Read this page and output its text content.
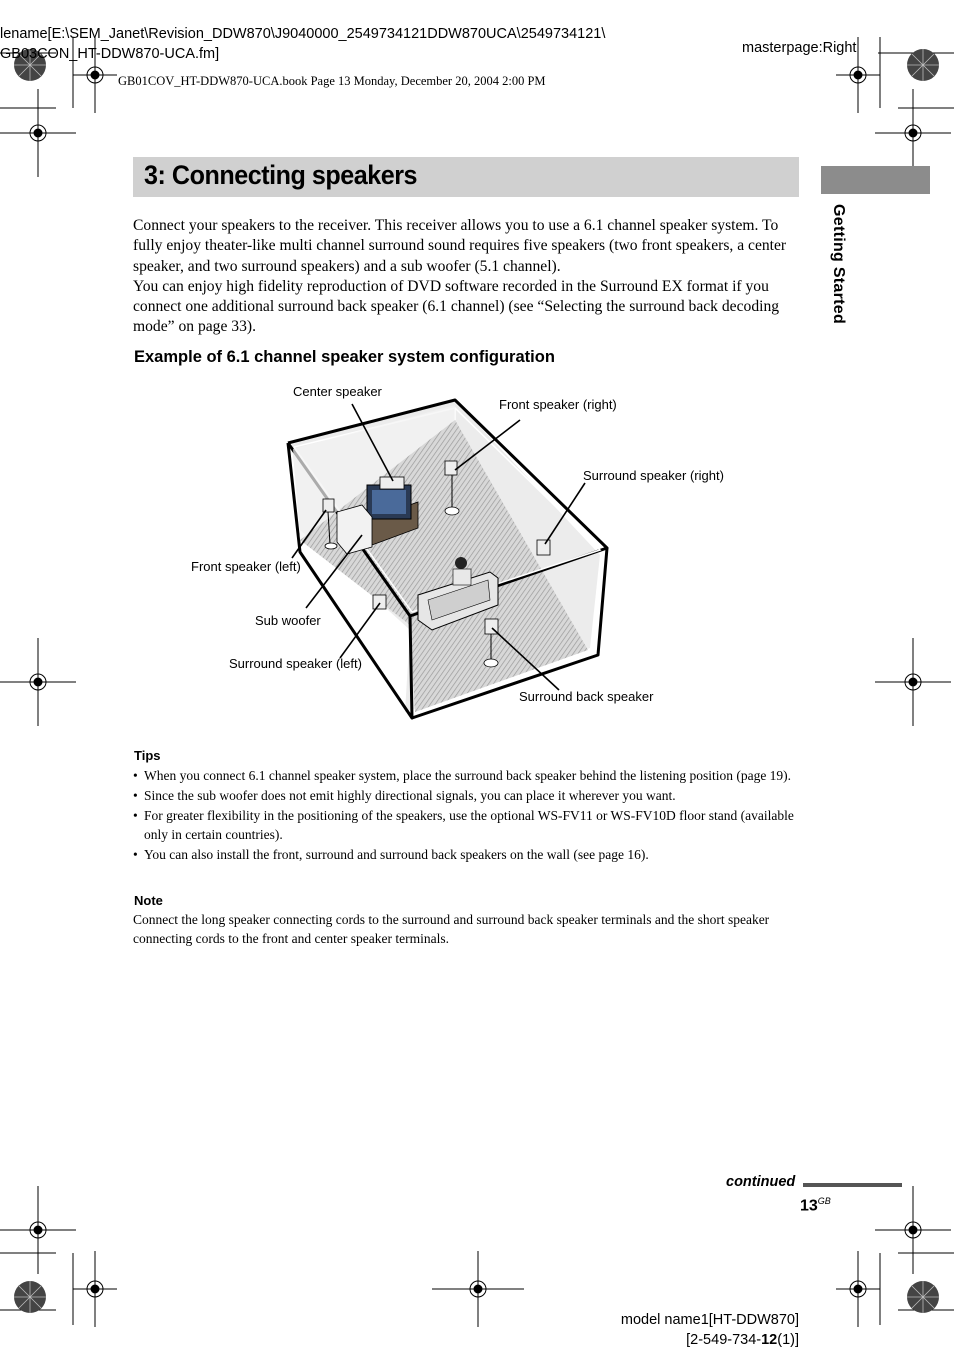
lename[E:\SEM_Janet\Revision_DDW870\J9040000_2549734121DDW870UCA\2549734121\
GB03CON_HT-DDW870-UCA.fm]	masterpage:Right
GB01COV_HT-DDW870-UCA.book Page 13 Monday, December 20, 2004 2:00 PM
3: Connecting speakers
Getting Started

Connect your speakers to the receiver. This receiver allows you to use a 6.1 channel speaker system. To fully enjoy theater-like multi channel surround sound requires five speakers (two front speakers, a center speaker, and two surround speakers) and a sub woofer (5.1 channel).

You can enjoy high fidelity reproduction of DVD software recorded in the Surround EX format if you connect one additional surround back speaker (6.1 channel) (see “Selecting the surround back decoding mode” on page 33).

Example of 6.1 channel speaker system configuration
Center speaker
Front speaker (right)
Surround speaker (right)
Front speaker (left)
Sub woofer
Surround speaker (left)
Surround back speaker
Tips
• When you connect 6.1 channel speaker system, place the surround back speaker behind the listening position (page 19).
• Since the sub woofer does not emit highly directional signals, you can place it wherever you want.
• For greater flexibility in the positioning of the speakers, use the optional WS-FV11 or WS-FV10D floor stand (available only in certain countries).
• You can also install the front, surround and surround back speakers on the wall (see page 16).
Note
Connect the long speaker connecting cords to the surround and surround back speaker terminals and the short speaker connecting cords to the front and center speaker terminals.
continued
$13^{GB}$
model name1[HT-DDW870]
[2-549-734-12(1)]
